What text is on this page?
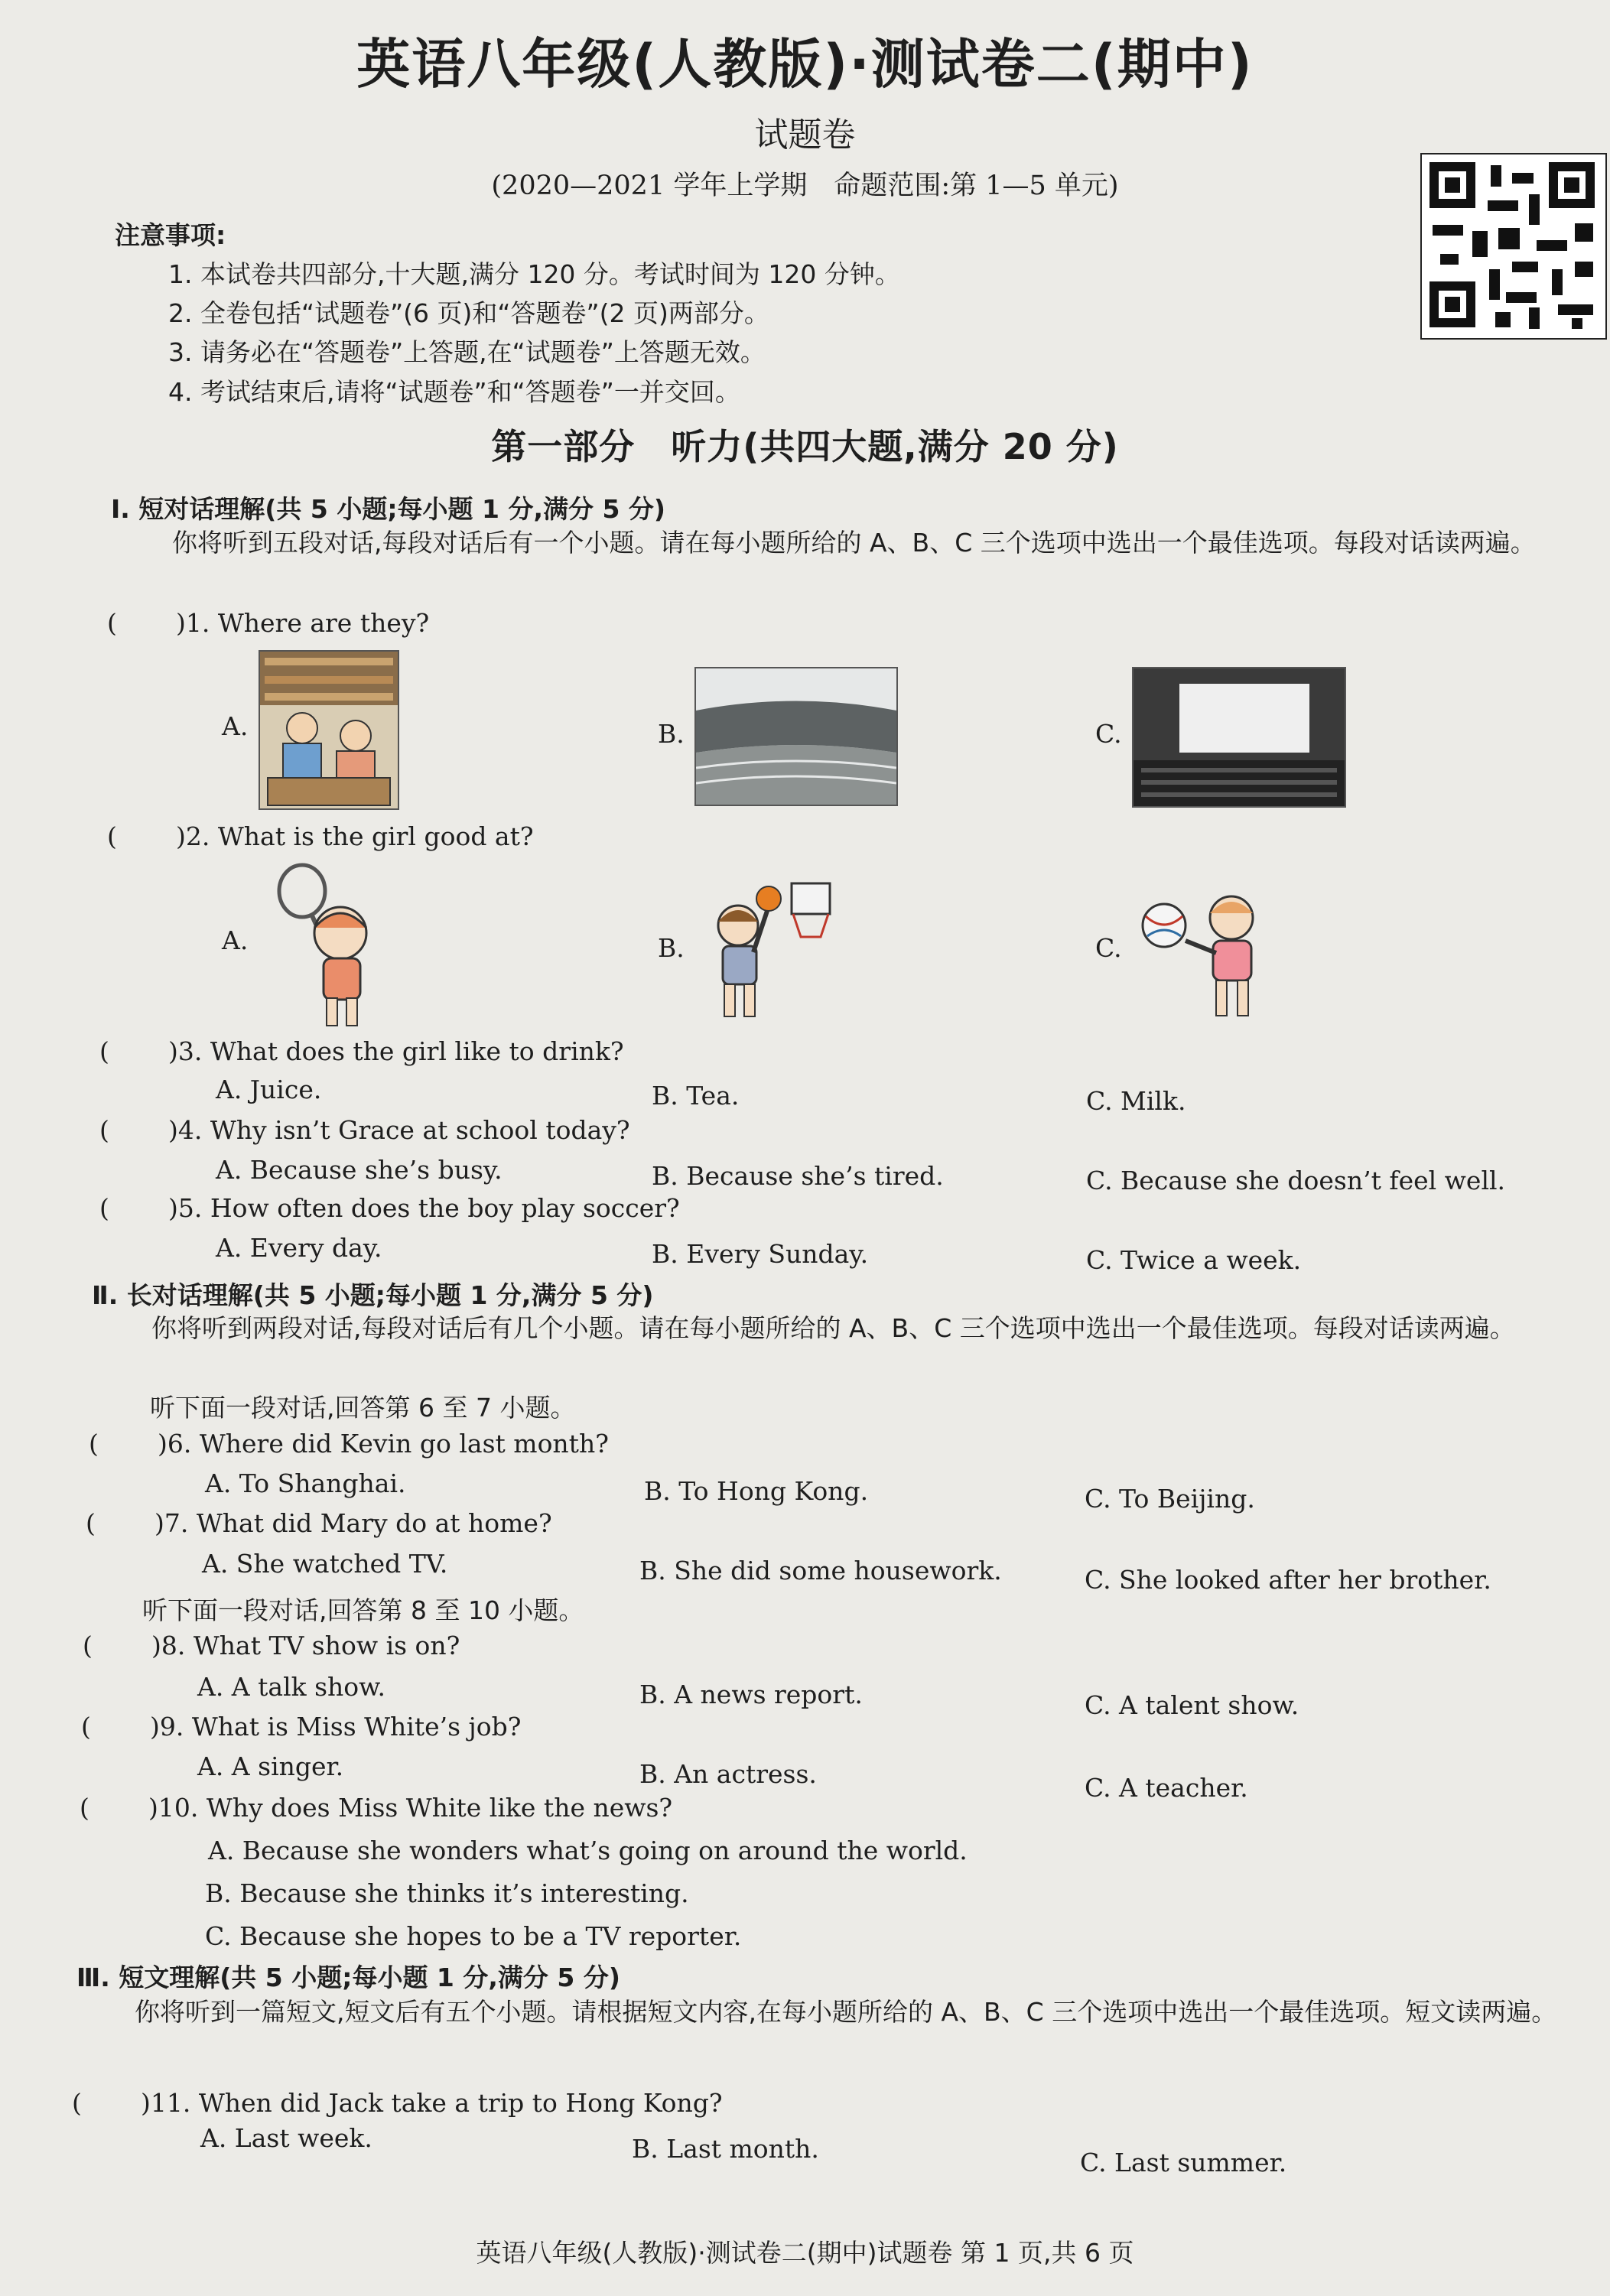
英语八年级(人教版)·测试卷二(期中)
试题卷
(2020—2021 学年上学期　命题范围:第 1—5 单元)
注意事项:
1. 本试卷共四部分,十大题,满分 120 分。考试时间为 120 分钟。
2. 全卷包括“试题卷”(6 页)和“答题卷”(2 页)两部分。
3. 请务必在“答题卷”上答题,在“试题卷”上答题无效。
4. 考试结束后,请将“试题卷”和“答题卷”一并交回。
第一部分　听力(共四大题,满分 20 分)
Ⅰ. 短对话理解(共 5 小题;每小题 1 分,满分 5 分)
你将听到五段对话,每段对话后有一个小题。请在每小题所给的 A、B、C 三个选项中选出一个最佳选项。每段对话读两遍。
( )1. Where are they?
A.	B.	C.
( )2. What is the girl good at?
A.	B.	C.
( )3. What does the girl like to drink?
A. Juice.	B. Tea.	C. Milk.
( )4. Why isn’t Grace at school today?
A. Because she’s busy.	B. Because she’s tired.	C. Because she doesn’t feel well.
( )5. How often does the boy play soccer?
A. Every day.	B. Every Sunday.	C. Twice a week.
Ⅱ. 长对话理解(共 5 小题;每小题 1 分,满分 5 分)
你将听到两段对话,每段对话后有几个小题。请在每小题所给的 A、B、C 三个选项中选出一个最佳选项。每段对话读两遍。
听下面一段对话,回答第 6 至 7 小题。
( )6. Where did Kevin go last month?
A. To Shanghai.	B. To Hong Kong.	C. To Beijing.
( )7. What did Mary do at home?
A. She watched TV.	B. She did some housework.	C. She looked after her brother.
听下面一段对话,回答第 8 至 10 小题。
( )8. What TV show is on?
A. A talk show.	B. A news report.	C. A talent show.
( )9. What is Miss White’s job?
A. A singer.	B. An actress.	C. A teacher.
( )10. Why does Miss White like the news?
A. Because she wonders what’s going on around the world.
B. Because she thinks it’s interesting.
C. Because she hopes to be a TV reporter.
Ⅲ. 短文理解(共 5 小题;每小题 1 分,满分 5 分)
你将听到一篇短文,短文后有五个小题。请根据短文内容,在每小题所给的 A、B、C 三个选项中选出一个最佳选项。短文读两遍。
( )11. When did Jack take a trip to Hong Kong?
A. Last week.	B. Last month.	C. Last summer.
英语八年级(人教版)·测试卷二(期中)试题卷 第 1 页,共 6 页
